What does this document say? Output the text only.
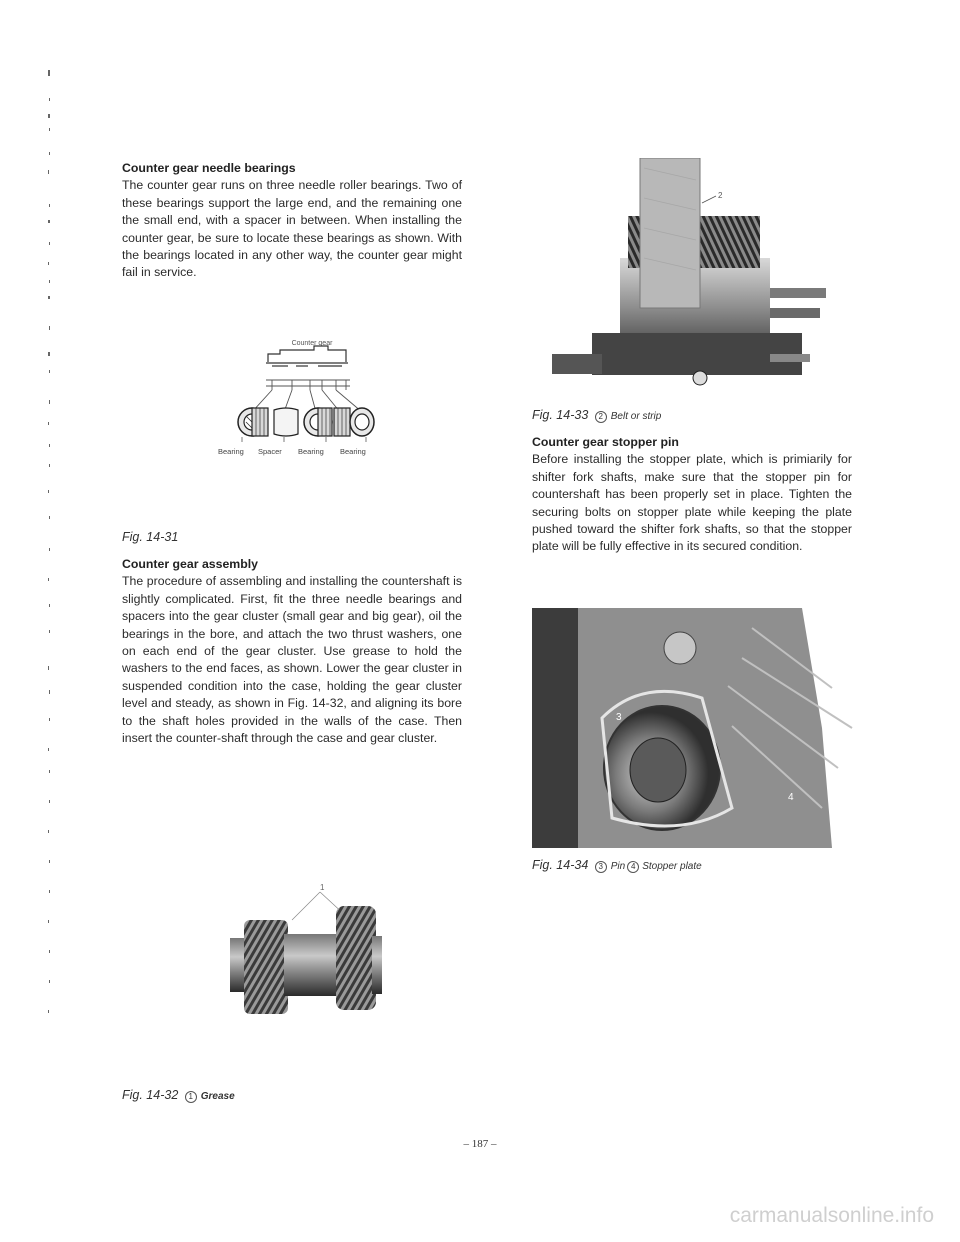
Counter gear needle bearings

The counter gear runs on three needle roller bearings. Two of these bearings support the large end, and the remaining one the small end, with a spacer in between. When installing the counter gear, be sure to locate these bearings as shown. With the bearings located in any other way, the counter gear might fail in service.

Counter gear
Bearing Spacer Bearing Bearing
Fig. 14-31
Counter gear assembly

The procedure of assembling and installing the countershaft is slightly complicated. First, fit the three needle bearings and spacers into the gear cluster (small gear and big gear), oil the bearings in the bore, and attach the two thrust washers, one on each end of the gear cluster. Use grease to hold the washers to the end faces, as shown. Lower the gear cluster in suspended condition into the case, holding the gear cluster level and steady, as shown in Fig. 14-32, and aligning its bore to the shaft holes provided in the walls of the case. Then insert the counter-shaft through the case and gear cluster.

1
Fig. 14-32 1 Grease
2
Fig. 14-33 2 Belt or strip
Counter gear stopper pin

Before installing the stopper plate, which is primiarily for shifter fork shafts, make sure that the stopper pin for countershaft has been properly set in place. Tighten the securing bolts on stopper plate while keeping the plate pushed toward the shifter fork shafts, so that the stopper plate will be fully effective in its secured condition.

3
4
Fig. 14-34 3 Pin 4 Stopper plate
– 187 –
carmanualsonline.info
